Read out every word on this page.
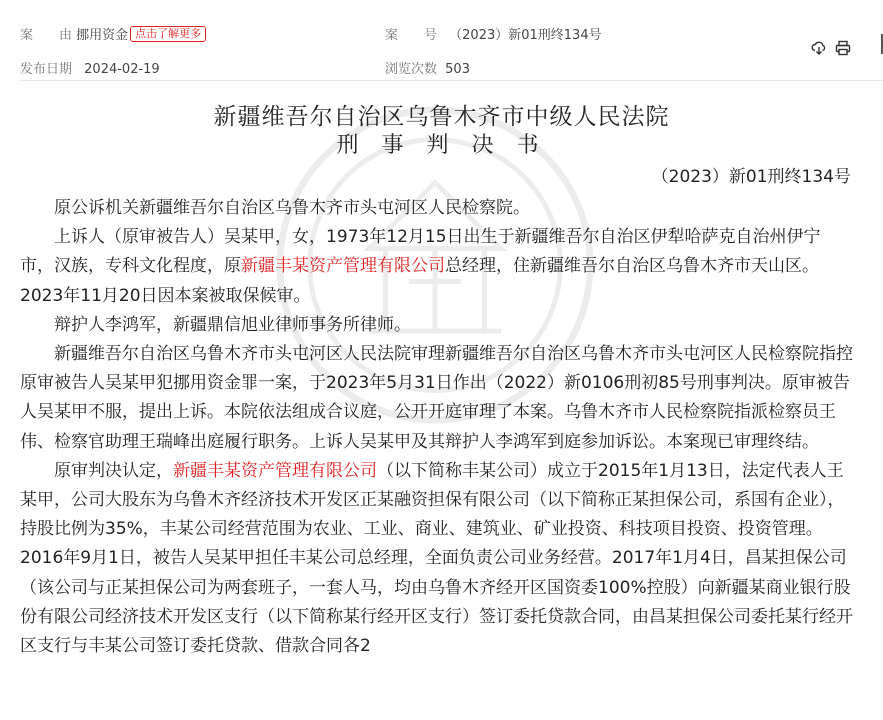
案　　由 挪用资金 点击了解更多	案　　号 （2023）新01刑终134号
发布日期 2024-02-19	浏览次数 503
新疆维吾尔自治区乌鲁木齐市中级人民法院
刑 事 判 决 书
（2023）新01刑终134号

原公诉机关新疆维吾尔自治区乌鲁木齐市头屯河区人民检察院。

上诉人（原审被告人）吴某甲，女，1973年12月15日出生于新疆维吾尔自治区伊犁哈萨克自治州伊宁市，汉族，专科文化程度，原新疆丰某资产管理有限公司总经理，住新疆维吾尔自治区乌鲁木齐市天山区。2023年11月20日因本案被取保候审。

辩护人李鸿军，新疆鼎信旭业律师事务所律师。

新疆维吾尔自治区乌鲁木齐市头屯河区人民法院审理新疆维吾尔自治区乌鲁木齐市头屯河区人民检察院指控原审被告人吴某甲犯挪用资金罪一案，于2023年5月31日作出（2022）新0106刑初85号刑事判决。原审被告人吴某甲不服，提出上诉。本院依法组成合议庭，公开开庭审理了本案。乌鲁木齐市人民检察院指派检察员王伟、检察官助理王瑞峰出庭履行职务。上诉人吴某甲及其辩护人李鸿军到庭参加诉讼。本案现已审理终结。

原审判决认定，新疆丰某资产管理有限公司（以下简称丰某公司）成立于2015年1月13日，法定代表人王某甲，公司大股东为乌鲁木齐经济技术开发区正某融资担保有限公司（以下简称正某担保公司，系国有企业），持股比例为35%，丰某公司经营范围为农业、工业、商业、建筑业、矿业投资、科技项目投资、投资管理。2016年9月1日，被告人吴某甲担任丰某公司总经理，全面负责公司业务经营。2017年1月4日，昌某担保公司（该公司与正某担保公司为两套班子，一套人马，均由乌鲁木齐经开区国资委100%控股）向新疆某商业银行股份有限公司经济技术开发区支行（以下简称某行经开区支行）签订委托贷款合同，由昌某担保公司委托某行经开区支行与丰某公司签订委托贷款、借款合同各2
